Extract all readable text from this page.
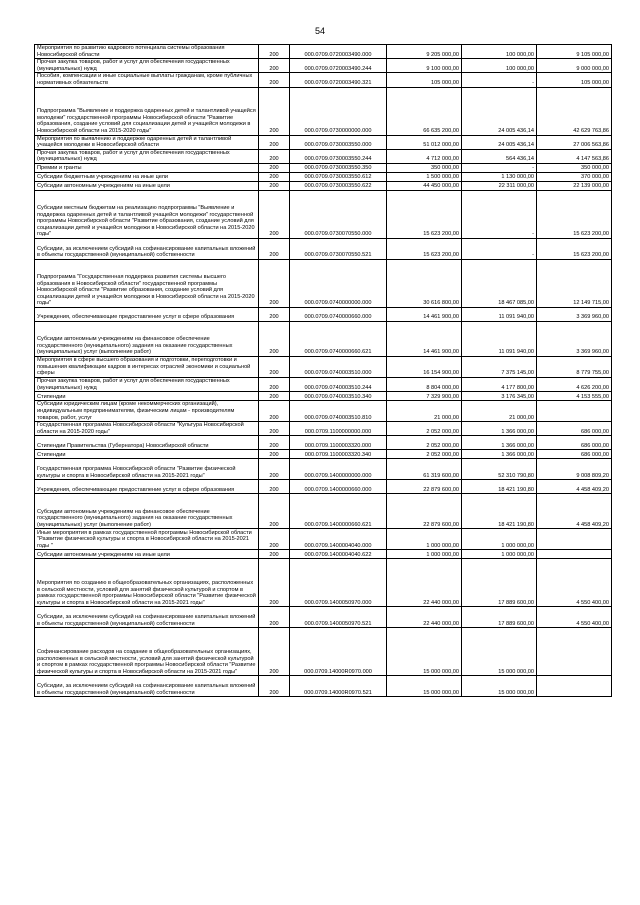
54
Мероприятия по развитию кадрового потенциала системы образования Новосибирской области	200	000.0709.0720003490.000	9 205 000,00	100 000,00	9 105 000,00
Прочая закупка товаров, работ и услуг для обеспечения государственных (муниципальных) нужд	200	000.0709.0720003490.244	9 100 000,00	100 000,00	9 000 000,00
Пособия, компенсации и иные социальные выплаты гражданам, кроме публичных нормативных обязательств	200	000.0709.0720003490.321	105 000,00	-	105 000,00
Подпрограмма "Выявление и поддержка одаренных детей и талантливой учащейся молодежи" государственной программы Новосибирской области "Развитие образования, создание условий для социализации детей и учащейся молодежи в Новосибирской области на 2015-2020 годы"	200	000.0709.0730000000.000	66 635 200,00	24 005 436,14	42 629 763,86
Мероприятия по выявлению и поддержке одаренных детей и талантливой учащейся молодежи в Новосибирской области	200	000.0709.0730003550.000	51 012 000,00	24 005 436,14	27 006 563,86
Прочая закупка товаров, работ и услуг для обеспечения государственных (муниципальных) нужд	200	000.0709.0730003550.244	4 712 000,00	564 436,14	4 147 563,86
Премии и гранты	200	000.0709.0730003550.350	350 000,00	-	350 000,00
Субсидии бюджетным учреждениям на иные цели	200	000.0709.0730003550.612	1 500 000,00	1 130 000,00	370 000,00
Субсидии автономным учреждениям на иные цели	200	000.0709.0730003550.622	44 450 000,00	22 311 000,00	22 139 000,00
Субсидии местным бюджетам на реализацию подпрограммы "Выявление и поддержка одаренных детей и талантливой учащейся молодежи" государственной программы Новосибирской области "Развитие образования, создание условий для социализации детей и учащейся молодежи в Новосибирской области на 2015-2020 годы"	200	000.0709.0730070550.000	15 623 200,00	-	15 623 200,00
Субсидии, за исключением субсидий на софинансирование капитальных вложений в объекты государственной (муниципальной) собственности	200	000.0709.0730070550.521	15 623 200,00	-	15 623 200,00
Подпрограмма "Государственная поддержка развития системы высшего образования в Новосибирской области" государственной программы Новосибирской области "Развитие образования, создание условий для социализации детей и учащейся молодежи в Новосибирской области на 2015-2020 годы"	200	000.0709.0740000000.000	30 616 800,00	18 467 085,00	12 149 715,00
Учреждения, обеспечивающие предоставление услуг в сфере образования	200	000.0709.0740000660.000	14 461 900,00	11 091 940,00	3 369 960,00
Субсидии автономным учреждениям на финансовое обеспечение государственного (муниципального) задания на оказание государственных (муниципальных) услуг (выполнение работ)	200	000.0709.0740000660.621	14 461 900,00	11 091 940,00	3 369 960,00
Мероприятия в сфере высшего образования и подготовки, переподготовки и повышения квалификации кадров в интересах отраслей экономики и социальной сферы	200	000.0709.0740003510.000	16 154 900,00	7 375 145,00	8 779 755,00
Прочая закупка товаров, работ и услуг для обеспечения государственных (муниципальных) нужд	200	000.0709.0740003510.244	8 804 000,00	4 177 800,00	4 626 200,00
Стипендии	200	000.0709.0740003510.340	7 329 900,00	3 176 345,00	4 153 555,00
Субсидии юридическим лицам (кроме некоммерческих организаций), индивидуальным предпринимателям, физическим лицам - производителям товаров, работ, услуг	200	000.0709.0740003510.810	21 000,00	21 000,00	
Государственная программа Новосибирской области "Культура Новосибирской области на 2015-2020 годы"	200	000.0709.1100000000.000	2 052 000,00	1 366 000,00	686 000,00
Стипендии Правительства (Губернатора) Новосибирской области	200	000.0709.1100003320.000	2 052 000,00	1 366 000,00	686 000,00
Стипендии	200	000.0709.1100003320.340	2 052 000,00	1 366 000,00	686 000,00
Государственная программа Новосибирской области "Развитие физической культуры и спорта в Новосибирской области на 2015-2021 годы"	200	000.0709.1400000000.000	61 319 600,00	52 310 790,80	9 008 809,20
Учреждения, обеспечивающие предоставление услуг в сфере образования	200	000.0709.1400000660.000	22 879 600,00	18 421 190,80	4 458 409,20
Субсидии автономным учреждениям на финансовое обеспечение государственного (муниципального) задания на оказание государственных (муниципальных) услуг (выполнение работ)	200	000.0709.1400000660.621	22 879 600,00	18 421 190,80	4 458 409,20
Иные мероприятия в рамках государственной программы Новосибирской области "Развитие физической культуры и спорта в Новосибирской области на 2015-2021 годы "	200	000.0709.1400004040.000	1 000 000,00	1 000 000,00	
Субсидии автономным учреждениям на иные цели	200	000.0709.1400004040.622	1 000 000,00	1 000 000,00	
Мероприятия по созданию в общеобразовательных организациях, расположенных в сельской местности, условий для занятий физической культурой и спортом в рамках государственной программы Новосибирской области "Развитие физической культуры и спорта в Новосибирской области на 2015-2021 годы"	200	000.0709.1400050970.000	22 440 000,00	17 889 600,00	4 550 400,00
Субсидии, за исключением субсидий на софинансирование капитальных вложений в объекты государственной (муниципальной) собственности	200	000.0709.1400050970.521	22 440 000,00	17 889 600,00	4 550 400,00
Софинансирование расходов на создание в общеобразовательных организациях, расположенных в сельской местности, условий для занятий физической культурой и спортом в рамках государственной программы Новосибирской области "Развитие физической культуры и спорта в Новосибирской области на 2015-2021 годы"	200	000.0709.14000R0970.000	15 000 000,00	15 000 000,00	
Субсидии, за исключением субсидий на софинансирование капитальных вложений в объекты государственной (муниципальной) собственности	200	000.0709.14000R0970.521	15 000 000,00	15 000 000,00	
